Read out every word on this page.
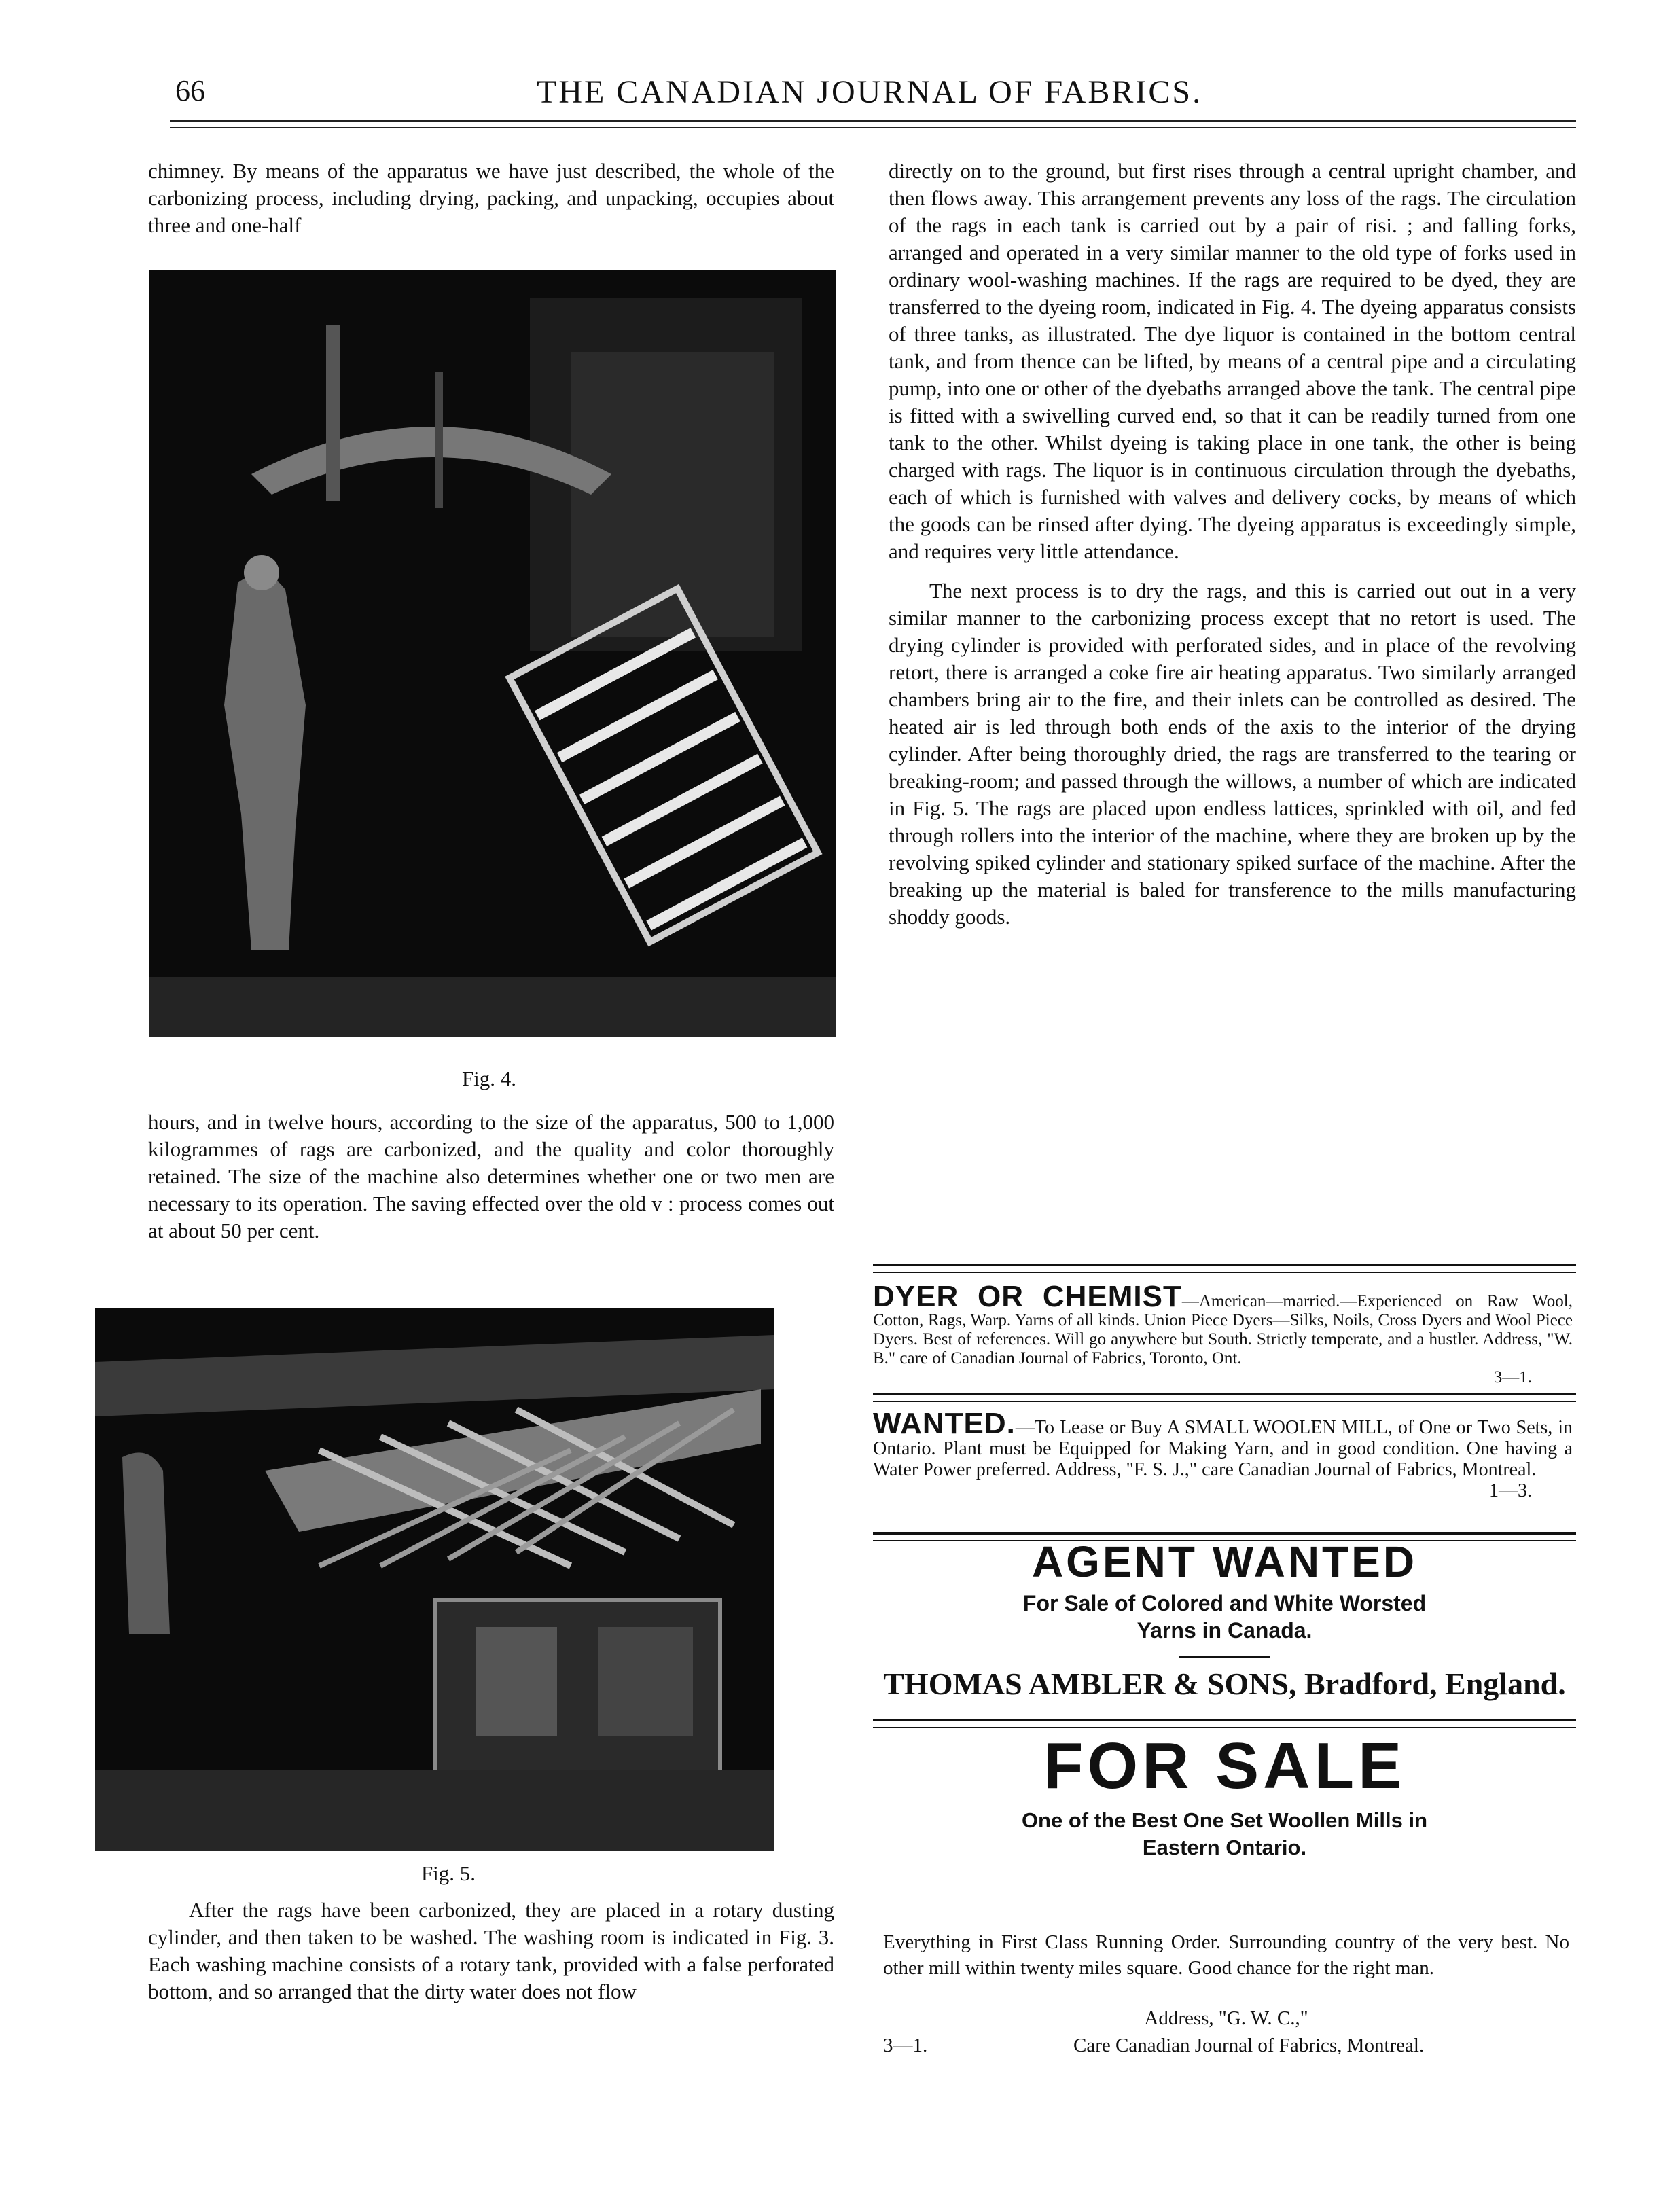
66	THE CANADIAN JOURNAL OF FABRICS.

chimney. By means of the apparatus we have just described, the whole of the carbonizing process, including drying, packing, and unpacking, occupies about three and one-half

Fig. 4.

hours, and in twelve hours, according to the size of the apparatus, 500 to 1,000 kilogrammes of rags are carbonized, and the quality and color thoroughly retained. The size of the machine also determines whether one or two men are necessary to its operation. The saving effected over the old v : process comes out at about 50 per cent.

Fig. 5.

After the rags have been carbonized, they are placed in a rotary dusting cylinder, and then taken to be washed. The washing room is indicated in Fig. 3. Each washing machine consists of a rotary tank, provided with a false perforated bottom, and so arranged that the dirty water does not flow

directly on to the ground, but first rises through a central upright chamber, and then flows away. This arrangement prevents any loss of the rags. The circulation of the rags in each tank is carried out by a pair of risi. ; and falling forks, arranged and operated in a very similar manner to the old type of forks used in ordinary wool-washing machines. If the rags are required to be dyed, they are transferred to the dyeing room, indicated in Fig. 4. The dyeing apparatus consists of three tanks, as illustrated. The dye liquor is contained in the bottom central tank, and from thence can be lifted, by means of a central pipe and a circulating pump, into one or other of the dyebaths arranged above the tank. The central pipe is fitted with a swivelling curved end, so that it can be readily turned from one tank to the other. Whilst dyeing is taking place in one tank, the other is being charged with rags. The liquor is in continuous circulation through the dyebaths, each of which is furnished with valves and delivery cocks, by means of which the goods can be rinsed after dying. The dyeing apparatus is exceedingly simple, and requires very little attendance.

The next process is to dry the rags, and this is carried out out in a very similar manner to the carbonizing process except that no retort is used. The drying cylinder is provided with perforated sides, and in place of the revolving retort, there is arranged a coke fire air heating apparatus. Two similarly arranged chambers bring air to the fire, and their inlets can be controlled as desired. The heated air is led through both ends of the axis to the interior of the drying cylinder. After being thoroughly dried, the rags are transferred to the tearing or breaking-room; and passed through the willows, a number of which are indicated in Fig. 5. The rags are placed upon endless lattices, sprinkled with oil, and fed through rollers into the interior of the machine, where they are broken up by the revolving spiked cylinder and stationary spiked surface of the machine. After the breaking up the material is baled for transference to the mills manufacturing shoddy goods.

DYER OR CHEMIST—American—married.—Experienced on Raw Wool, Cotton, Rags, Warp. Yarns of all kinds. Union Piece Dyers—Silks, Noils, Cross Dyers and Wool Piece Dyers. Best of references. Will go anywhere but South. Strictly temperate, and a hustler. Address, "W. B." care of Canadian Journal of Fabrics, Toronto, Ont.
3—1.
WANTED.—To Lease or Buy A SMALL WOOLEN MILL, of One or Two Sets, in Ontario. Plant must be Equipped for Making Yarn, and in good condition. One having a Water Power preferred. Address, "F. S. J.," care Canadian Journal of Fabrics, Montreal.
1—3.
AGENT WANTED
For Sale of Colored and White Worsted
Yarns in Canada.
THOMAS AMBLER & SONS, Bradford, England.
FOR SALE
One of the Best One Set Woollen Mills in
Eastern Ontario.
Everything in First Class Running Order. Surrounding country of the very best. No other mill within twenty miles square. Good chance for the right man.
Address, "G. W. C.,"
3—1.	Care Canadian Journal of Fabrics, Montreal.
